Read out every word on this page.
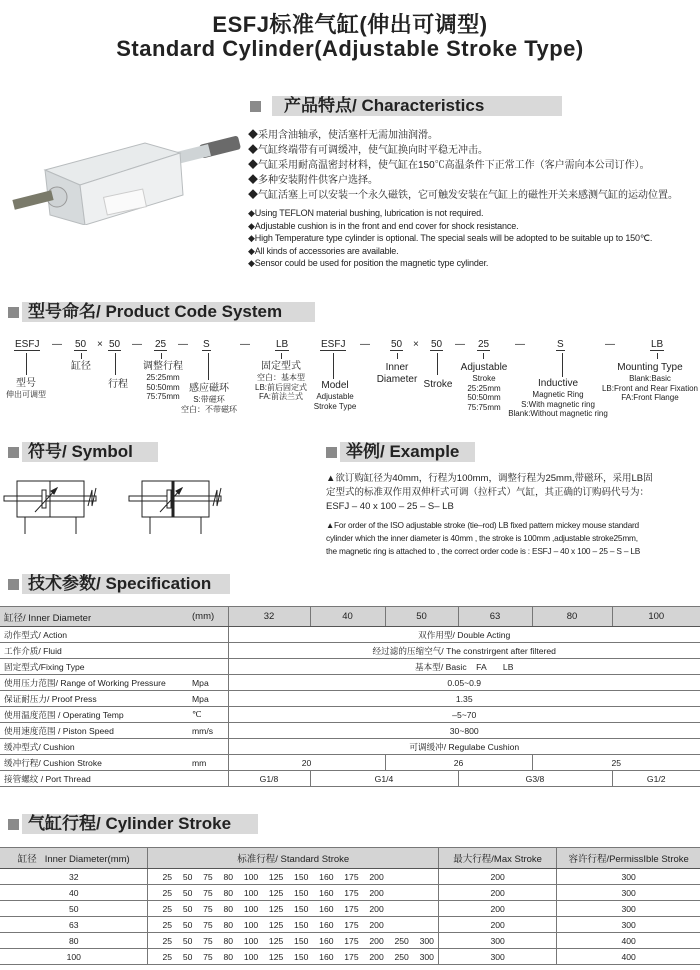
ESFJ标准气缸(伸出可调型)
Standard Cylinder(Adjustable Stroke Type)
产品特点/ Characteristics
◆采用含油轴承，使活塞杆无需加油润滑。
◆气缸终端带有可调缓冲，使气缸换向时平稳无冲击。
◆气缸采用耐高温密封材料，使气缸在150℃高温条件下正常工作（客户需向本公司订作）。
◆多种安装附件供客户选择。
◆气缸活塞上可以安装一个永久磁铁，它可触发安装在气缸上的磁性开关来感测气缸的运动位置。
◆Using TEFLON material bushing, lubrication is not required.
◆Adjustable cushion is in the front and end cover for shock resistance.
◆High Temperature type cylinder is optional. The special seals will be adopted to be suitable up to 150℃.
◆All kinds of accessories are available.
◆Sensor could be used for position the magnetic type cylinder.
型号命名/ Product Code System
ESFJ — 50 × 50 — 25 — S	—	LB
型号
伸出可调型
缸径
行程
调整行程
25:25mm
50:50mm
75:75mm
感应磁环
S:带磁环
空白：不带磁环
固定型式
空白：基本型
LB:前后固定式
FA:前法兰式
ESFJ — 50 × 50 — 25	—	S	—	LB
Model
Adjustable
Stroke Type
Inner Diameter Stroke
Adjustable
Stroke
25:25mm
50:50mm
75:75mm
Inductive
Magnetic Ring
S:With magnetic ring
Blank:Without magnetic ring
Mounting Type
Blank:Basic
LB:Front and Rear Fixation
FA:Front Flange
符号/ Symbol	举例/ Example
▲欲订购缸径为40mm，行程为100mm，调整行程为25mm,带磁环，采用LB固
定型式的标准双作用双伸杆式可调（拉杆式）气缸，其正确的订购码代号为：
ESFJ – 40 x 100 – 25 – S– LB
▲For order of the ISO adjustable stroke (tie–rod) LB fixed pattern mickey mouse standard
cylinder which the inner diameter is 40mm , the stroke is 100mm ,adjustable stroke25mm,
the magnetic ring is attached to , the correct order code is : ESFJ – 40 x 100 – 25 – S – LB
技术参数/ Specification
缸径/ Inner Diameter	(mm)	32	40	50	63	80	100
动作型式/ Action		双作用型/ Double Acting					
工作介质/ Fluid		经过滤的压缩空气/ The constrirgent after filtered					
固定型式/Fixing Type		基本型/ Basic    FA       LB					
使用压力范围/ Range of Working Pressure	Mpa	0.05~0.9					
保证耐压力/ Proof Press	Mpa	1.35					
使用温度范围 / Operating Temp	℃	–5~70					
使用速度范围 / Piston Speed	mm/s	30~800					
缓冲型式/ Cushion		可调缓冲/ Regulabe Cushion					
缓冲行程/ Cushion Stroke	mm	20		26		25	
接管螺纹 / Port Thread		G1/8	G1/4		G3/8		G1/2
气缸行程/ Cylinder Stroke
缸径   Inner Diameter(mm)	标准行程/ Standard Stroke	最大行程/Max Stroke	容许行程/PermissIble Stroke
32	25  50  75  80  100  125  150  160  175  200	200	300
40	25  50  75  80  100  125  150  160  175  200	200	300
50	25  50  75  80  100  125  150  160  175  200	200	300
63	25  50  75  80  100  125  150  160  175  200	200	300
80	25  50  75  80  100  125  150  160  175  200  250  300	300	400
100	25  50  75  80  100  125  150  160  175  200  250  300	300	400
